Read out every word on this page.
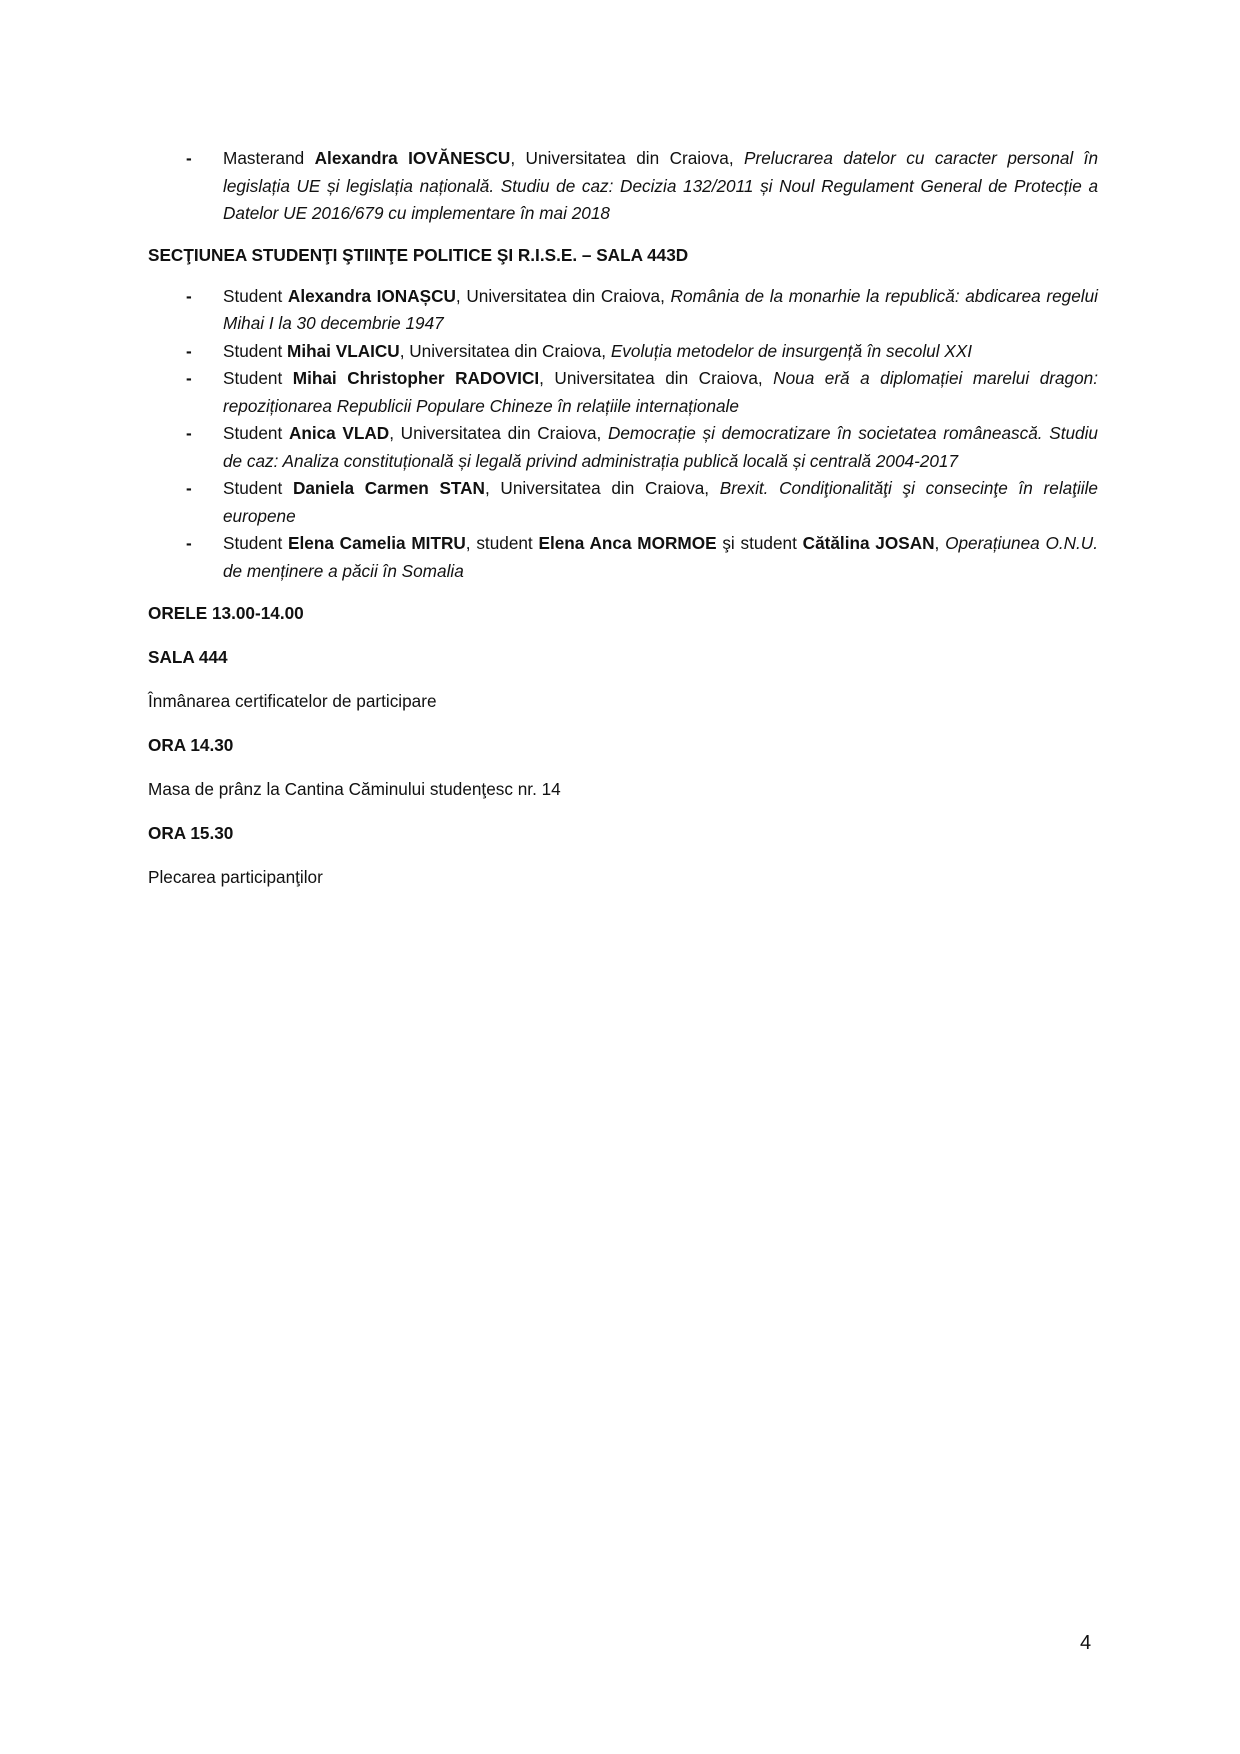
- Masterand Alexandra IOVĂNESCU, Universitatea din Craiova, Prelucrarea datelor cu caracter personal în legislația UE și legislația națională. Studiu de caz: Decizia 132/2011 și Noul Regulament General de Protecție a Datelor UE 2016/679 cu implementare în mai 2018

SECŢIUNEA STUDENŢI ŞTIINŢE POLITICE ŞI R.I.S.E. – SALA 443D

- Student Alexandra IONAȘCU, Universitatea din Craiova, România de la monarhie la republică: abdicarea regelui Mihai I la 30 decembrie 1947
- Student Mihai VLAICU, Universitatea din Craiova, Evoluția metodelor de insurgență în secolul XXI
- Student Mihai Christopher RADOVICI, Universitatea din Craiova, Noua eră a diplomației marelui dragon: repoziționarea Republicii Populare Chineze în relațiile internaționale
- Student Anica VLAD, Universitatea din Craiova, Democrație și democratizare în societatea românească. Studiu de caz: Analiza constituțională și legală privind administrația publică locală și centrală 2004-2017
- Student Daniela Carmen STAN, Universitatea din Craiova, Brexit. Condiţionalităţi şi consecinţe în relaţiile europene
- Student Elena Camelia MITRU, student Elena Anca MORMOE şi student Cătălina JOSAN, Operațiunea O.N.U. de menținere a păcii în Somalia

ORELE 13.00-14.00

SALA 444

Înmânarea certificatelor de participare

ORA 14.30

Masa de prânz la Cantina Căminului studenţesc nr. 14

ORA 15.30

Plecarea participanţilor

4
